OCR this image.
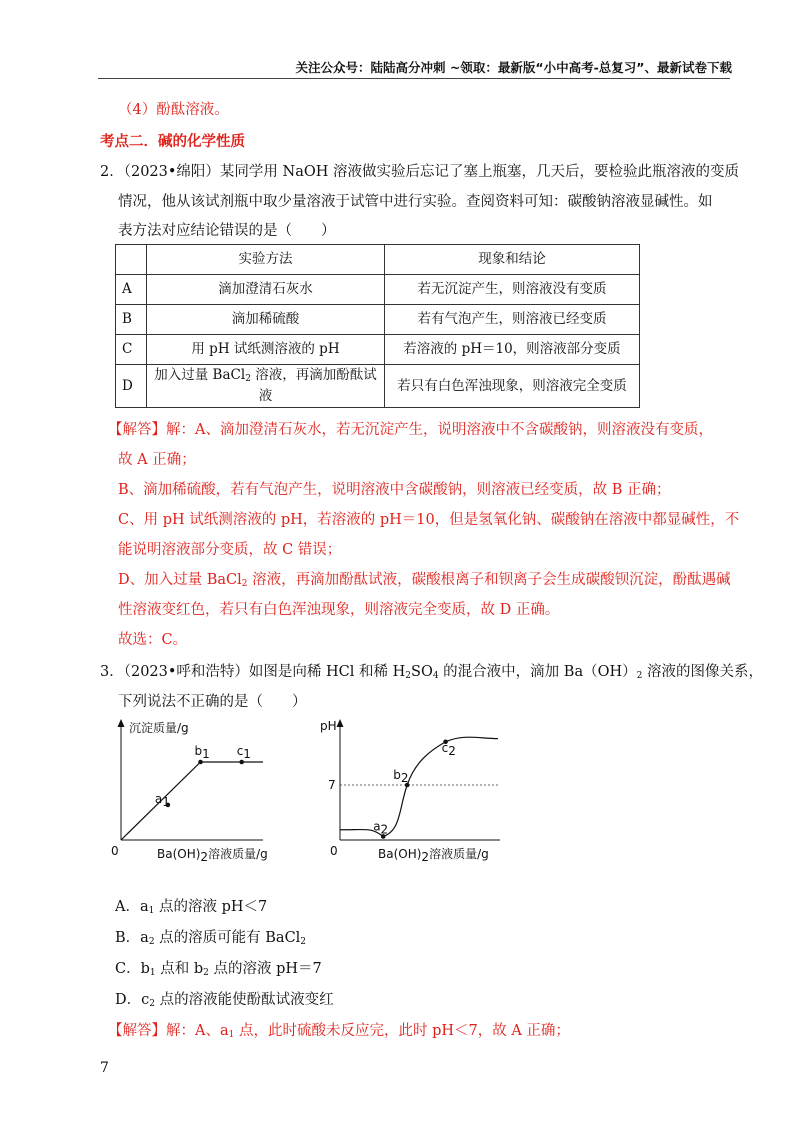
关注公众号：陆陆高分冲刺 ~领取：最新版“小中高考-总复习”、最新试卷下载
（4）酚酞溶液。
考点二．碱的化学性质
2．（2023•绵阳）某同学用 NaOH 溶液做实验后忘记了塞上瓶塞，几天后，要检验此瓶溶液的变质
情况，他从该试剂瓶中取少量溶液于试管中进行实验。查阅资料可知：碳酸钠溶液显碱性。如
表方法对应结论错误的是（　　）
	实验方法	现象和结论
A	滴加澄清石灰水	若无沉淀产生，则溶液没有变质
B	滴加稀硫酸	若有气泡产生，则溶液已经变质
C	用 pH 试纸测溶液的 pH	若溶液的 pH＝10，则溶液部分变质
D	加入过量 BaCl$_2$ 溶液，再滴加酚酞试液	若只有白色浑浊现象，则溶液完全变质
【解答】解：A、滴加澄清石灰水，若无沉淀产生，说明溶液中不含碳酸钠，则溶液没有变质，
故 A 正确；
B、滴加稀硫酸，若有气泡产生，说明溶液中含碳酸钠，则溶液已经变质，故 B 正确；
C、用 pH 试纸测溶液的 pH，若溶液的 pH＝10，但是氢氧化钠、碳酸钠在溶液中都显碱性，不
能说明溶液部分变质，故 C 错误；
D、加入过量 BaCl$_2$ 溶液，再滴加酚酞试液，碳酸根离子和钡离子会生成碳酸钡沉淀，酚酞遇碱
性溶液变红色，若只有白色浑浊现象，则溶液完全变质，故 D 正确。
故选：C。
3．（2023•呼和浩特）如图是向稀 HCl 和稀 $H_2SO_4$ 的混合液中，滴加 $Ba(OH)_2$ 溶液的图像关系，
下列说法不正确的是（　　）
a1
b1 c1
沉淀质量/g
0	Ba(OH)2溶液质量/g
a2
b2
c2
pH
7
0	Ba(OH)2溶液质量/g
A．$a_1$ 点的溶液 pH＜7
B．$a_2$ 点的溶质可能有 BaCl$_2$
C．$b_1$ 点和 $b_2$ 点的溶液 pH＝7
D．$c_2$ 点的溶液能使酚酞试液变红
【解答】解：A、$a_1$ 点，此时硫酸未反应完，此时 pH＜7，故 A 正确；
7
